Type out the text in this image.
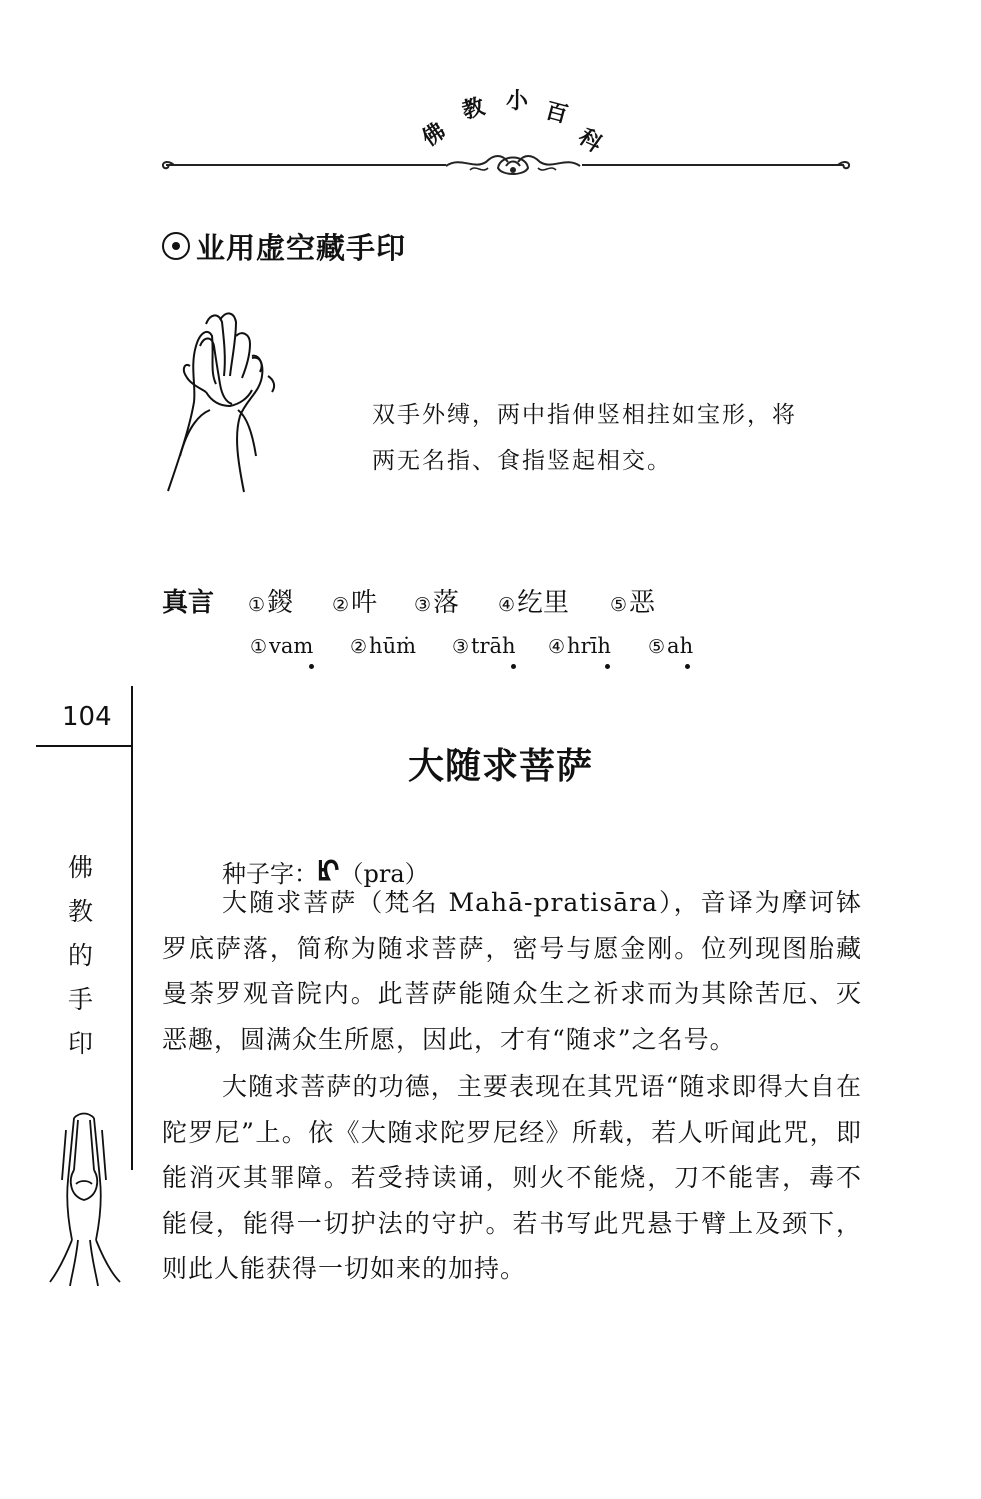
佛
教 小 百
科
业用虚空藏手印
双手外缚，两中指伸竖相拄如宝形，将
两无名指、食指竖起相交。
真言 ①鍐 ②吽 ③落 ④纥里 ⑤恶
①vam ②hūṁ ③trāh ④hrīh ⑤ah
104
佛
教
的
手
印
大随求菩萨
种子字：ᡌ（pra）

大随求菩萨（梵名 Mahā-pratisāra），音译为摩诃钵罗底萨落，简称为随求菩萨，密号与愿金刚。位列现图胎藏曼荼罗观音院内。此菩萨能随众生之祈求而为其除苦厄、灭恶趣，圆满众生所愿，因此，才有“随求”之名号。

大随求菩萨的功德，主要表现在其咒语“随求即得大自在陀罗尼”上。依《大随求陀罗尼经》所载，若人听闻此咒，即能消灭其罪障。若受持读诵，则火不能烧，刀不能害，毒不能侵，能得一切护法的守护。若书写此咒悬于臂上及颈下，则此人能获得一切如来的加持。
